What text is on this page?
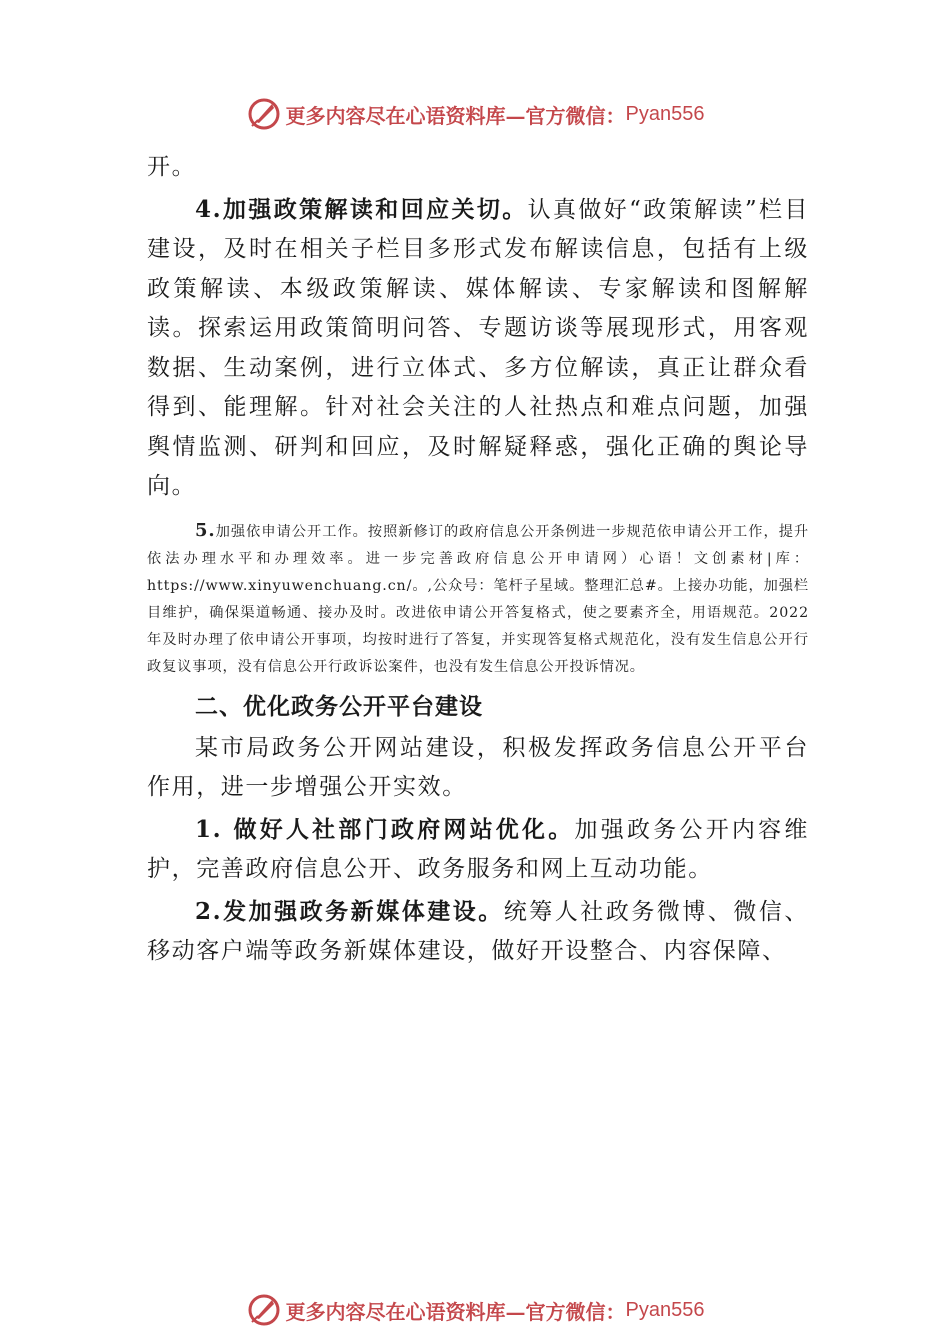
更多内容尽在心语资料库 —官方微信： Pyan556

开。

4.加强政策解读和回应关切。认真做好“政策解读”栏目建设，及时在相关子栏目多形式发布解读信息，包括有上级政策解读、本级政策解读、媒体解读、专家解读和图解解读。探索运用政策简明问答、专题访谈等展现形式，用客观数据、生动案例，进行立体式、多方位解读，真正让群众看得到、能理解。针对社会关注的人社热点和难点问题，加强舆情监测、研判和回应，及时解疑释惑，强化正确的舆论导向。

5.加强依申请公开工作。按照新修订的政府信息公开条例进一步规范依申请公开工作，提升依法办理水平和办理效率。进一步完善政府信息公开申请网）心语！文创素材|库：https://www.xinyuwenchuang.cn/。,公众号：笔杆子星域。整理汇总#。上接办功能，加强栏目维护，确保渠道畅通、接办及时。改进依申请公开答复格式，使之要素齐全，用语规范。2022 年及时办理了依申请公开事项，均按时进行了答复，并实现答复格式规范化，没有发生信息公开行政复议事项，没有信息公开行政诉讼案件，也没有发生信息公开投诉情况。

二、优化政务公开平台建设

某市局政务公开网站建设，积极发挥政务信息公开平台作用，进一步增强公开实效。

1. 做好人社部门政府网站优化。加强政务公开内容维护，完善政府信息公开、政务服务和网上互动功能。

2.发加强政务新媒体建设。统筹人社政务微博、微信、移动客户端等政务新媒体建设，做好开设整合、内容保障、

更多内容尽在心语资料库 —官方微信： Pyan556
